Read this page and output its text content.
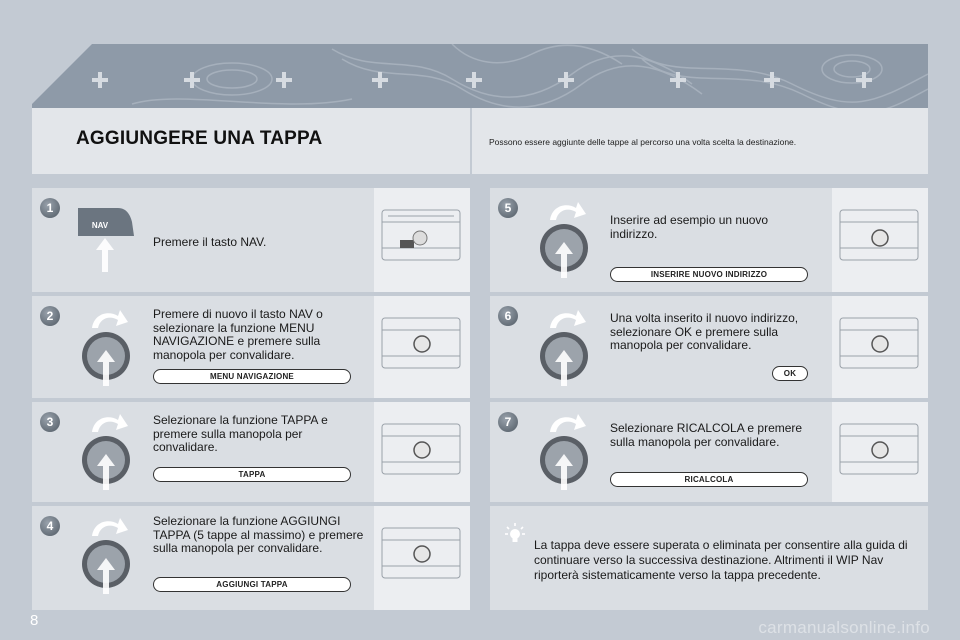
AGGIUNGERE UNA TAPPA	Possono essere aggiunte delle tappe al percorso una volta scelta la destinazione.
1
NAV
Premere il tasto NAV.
2	Premere di nuovo il tasto NAV o selezionare la funzione MENU NAVIGAZIONE e premere sulla manopola per convalidare.
MENU NAVIGAZIONE
3	Selezionare la funzione TAPPA e premere sulla manopola per convalidare.
TAPPA
4	Selezionare la funzione AGGIUNGI TAPPA (5 tappe al massimo) e premere sulla manopola per convalidare.
AGGIUNGI TAPPA
5
Inserire ad esempio un nuovo indirizzo.
INSERIRE NUOVO INDIRIZZO
6	Una volta inserito il nuovo indirizzo, selezionare OK e premere sulla manopola per convalidare.
OK
7	Selezionare RICALCOLA e premere sulla manopola per convalidare.
RICALCOLA
La tappa deve essere superata o eliminata per consentire alla guida di continuare verso la successiva destinazione. Altrimenti il WIP Nav riporterà sistematicamente verso la tappa precedente.
8	carmanualsonline.info
